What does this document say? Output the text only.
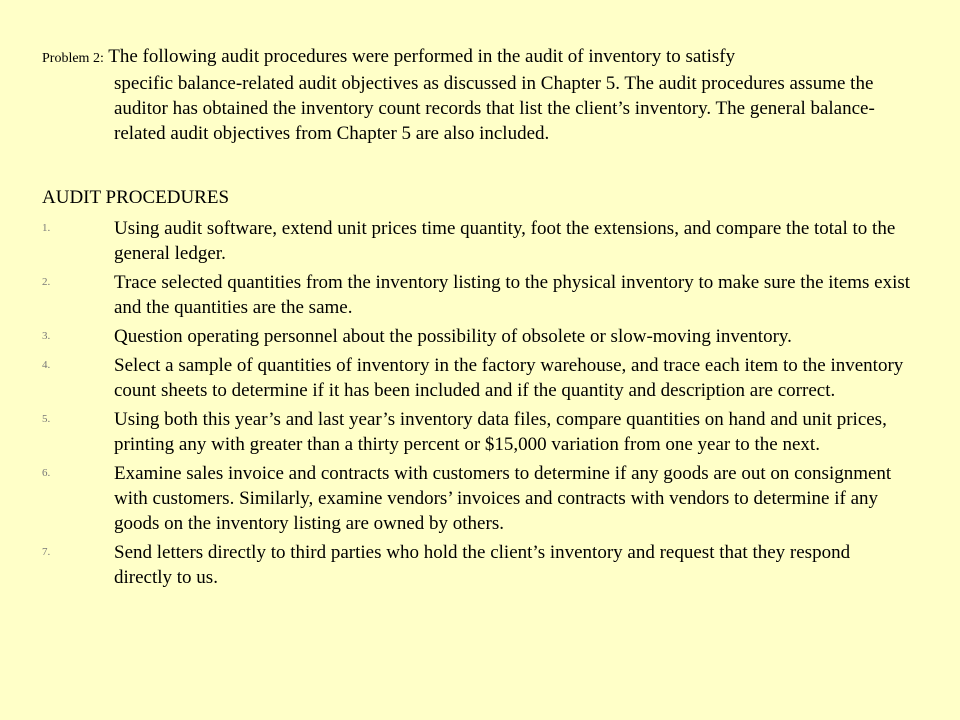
Problem 2: The following audit procedures were performed in the audit of inventory to satisfy

specific balance-related audit objectives as discussed in Chapter 5. The audit procedures assume the auditor has obtained the inventory count records that list the client’s inventory. The general balance-related audit objectives from Chapter 5 are also included.

AUDIT PROCEDURES
1.	Using audit software, extend unit prices time quantity, foot the extensions, and compare the total to the general ledger.
2.	Trace selected quantities from the inventory listing to the physical inventory to make sure the items exist and the quantities are the same.
3.	Question operating personnel about the possibility of obsolete or slow-moving inventory.
4.	Select a sample of quantities of inventory in the factory warehouse, and trace each item to the inventory count sheets to determine if it has been included and if the quantity and description are correct.
5.	Using both this year’s and last year’s inventory data files, compare quantities on hand and unit prices, printing any with greater than a thirty percent or $15,000 variation from one year to the next.
6.	Examine sales invoice and contracts with customers to determine if any goods are out on consignment with customers. Similarly, examine vendors’ invoices and contracts with vendors to determine if any goods on the inventory listing are owned by others.
7.	Send letters directly to third parties who hold the client’s inventory and request that they respond directly to us.
